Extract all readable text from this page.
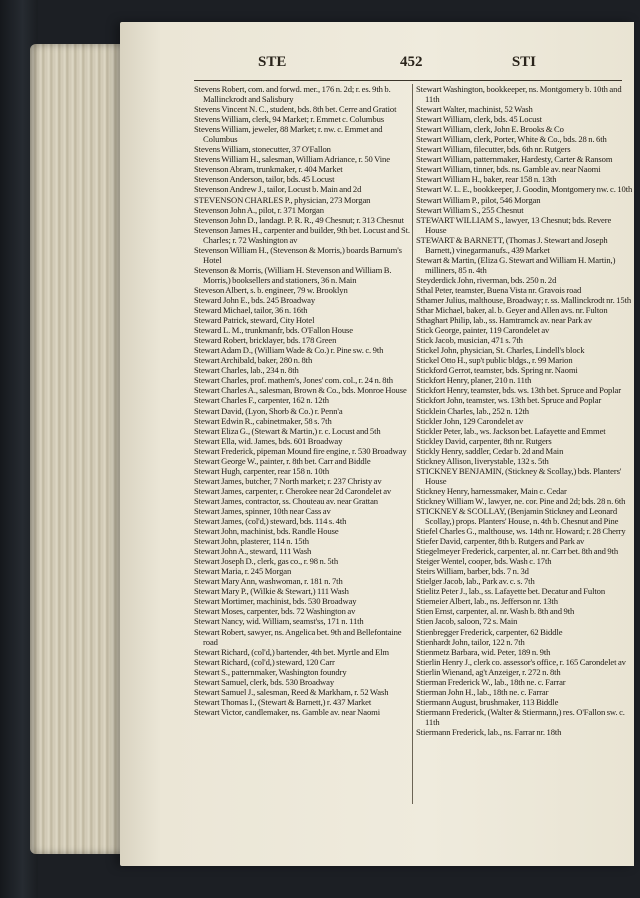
STE	452	STI
Stevens Robert, com. and forwd. mer., 176 n. 2d; r. es. 9th b. Mallinckrodt and Salisbury
Stevens Vincent N. C., student, bds. 8th bet. Cerre and Gratiot
Stevens William, clerk, 94 Market; r. Emmet c. Columbus
Stevens William, jeweler, 88 Market; r. nw. c. Emmet and Columbus
Stevens William, stonecutter, 37 O'Fallon
Stevens William H., salesman, William Adriance, r. 50 Vine
Stevenson Abram, trunkmaker, r. 404 Market
Stevenson Anderson, tailor, bds. 45 Locust
Stevenson Andrew J., tailor, Locust b. Main and 2d
STEVENSON CHARLES P., physician, 273 Morgan
Stevenson John A., pilot, r. 371 Morgan
Stevenson John D., landagt. P. R. R., 49 Chesnut; r. 313 Chesnut
Stevenson James H., carpenter and builder, 9th bet. Locust and St. Charles; r. 72 Washington av
Stevenson William H., (Stevenson & Morris,) boards Barnum's Hotel
Stevenson & Morris, (William H. Stevenson and William B. Morris,) booksellers and stationers, 36 n. Main
Steveson Albert, s. b. engineer, 79 w. Brooklyn
Steward John E., bds. 245 Broadway
Steward Michael, tailor, 36 n. 16th
Steward Patrick, steward, City Hotel
Steward L. M., trunkmanfr, bds. O'Fallon House
Steward Robert, bricklayer, bds. 178 Green
Stewart Adam D., (William Wade & Co.) r. Pine sw. c. 9th
Stewart Archibald, baker, 280 n. 8th
Stewart Charles, lab., 234 n. 8th
Stewart Charles, prof. mathem's, Jones' com. col., r. 24 n. 8th
Stewart Charles A., salesman, Brown & Co., bds. Monroe House
Stewart Charles F., carpenter, 162 n. 12th
Stewart David, (Lyon, Shorb & Co.) r. Penn'a
Stewart Edwin R., cabinetmaker, 58 s. 7th
Stewart Eliza G., (Stewart & Martin,) r. c. Locust and 5th
Stewart Ella, wid. James, bds. 601 Broadway
Stewart Frederick, pipeman Mound fire engine, r. 530 Broadway
Stewart George W., painter, r. 8th bet. Carr and Biddle
Stewart Hugh, carpenter, rear 158 n. 10th
Stewart James, butcher, 7 North market; r. 237 Christy av
Stewart James, carpenter, r. Cherokee near 2d Carondelet av
Stewart James, contractor, ss. Chouteau av. near Grattan
Stewart James, spinner, 10th near Cass av
Stewart James, (col'd,) steward, bds. 114 s. 4th
Stewart John, machinist, bds. Randle House
Stewart John, plasterer, 114 n. 15th
Stewart John A., steward, 111 Wash
Stewart Joseph D., clerk, gas co., r. 98 n. 5th
Stewart Maria, r. 245 Morgan
Stewart Mary Ann, washwoman, r. 181 n. 7th
Stewart Mary P., (Wilkie & Stewart,) 111 Wash
Stewart Mortimer, machinist, bds. 530 Broadway
Stewart Moses, carpenter, bds. 72 Washington av
Stewart Nancy, wid. William, seamst'ss, 171 n. 11th
Stewart Robert, sawyer, ns. Angelica bet. 9th and Bellefontaine road
Stewart Richard, (col'd,) bartender, 4th bet. Myrtle and Elm
Stewart Richard, (col'd,) steward, 120 Carr
Stewart S., patternmaker, Washington foundry
Stewart Samuel, clerk, bds. 530 Broadway
Stewart Samuel J., salesman, Reed & Markham, r. 52 Wash
Stewart Thomas I., (Stewart & Barnett,) r. 437 Market
Stewart Victor, candlemaker, ns. Gamble av. near Naomi
Stewart Washington, bookkeeper, ns. Montgomery b. 10th and 11th
Stewart Walter, machinist, 52 Wash
Stewart William, clerk, bds. 45 Locust
Stewart William, clerk, John E. Brooks & Co
Stewart William, clerk, Porter, White & Co., bds. 28 n. 6th
Stewart William, filecutter, bds. 6th nr. Rutgers
Stewart William, patternmaker, Hardesty, Carter & Ransom
Stewart William, tinner, bds. ns. Gamble av. near Naomi
Stewart William H., baker, rear 158 n. 13th
Stewart W. L. E., bookkeeper, J. Goodin, Montgomery nw. c. 10th
Stewart William P., pilot, 546 Morgan
Stewart William S., 255 Chesnut
STEWART WILLIAM S., lawyer, 13 Chesnut; bds. Revere House
STEWART & BARNETT, (Thomas J. Stewart and Joseph Barnett,) vinegarmanufs., 439 Market
Stewart & Martin, (Eliza G. Stewart and William H. Martin,) milliners, 85 n. 4th
Steyderdick John, riverman, bds. 250 n. 2d
Sthal Peter, teamster, Buena Vista nr. Gravois road
Sthamer Julius, malthouse, Broadway; r. ss. Mallinckrodt nr. 15th
Sthar Michael, baker, al. b. Geyer and Allen avs. nr. Fulton
Sthaghart Philip, lab., ss. Hamtramck av. near Park av
Stick George, painter, 119 Carondelet av
Stick Jacob, musician, 471 s. 7th
Stickel John, physician, St. Charles, Lindell's block
Stickel Otto H., sup't public bldgs., r. 99 Marion
Stickford Gerrot, teamster, bds. Spring nr. Naomi
Stickfort Henry, planer, 210 n. 11th
Stickfort Henry, teamster, bds. ws. 13th bet. Spruce and Poplar
Stickfort John, teamster, ws. 13th bet. Spruce and Poplar
Sticklein Charles, lab., 252 n. 12th
Stickler John, 129 Carondelet av
Stickler Peter, lab., ws. Jackson bet. Lafayette and Emmet
Stickley David, carpenter, 8th nr. Rutgers
Stickly Henry, saddler, Cedar b. 2d and Main
Stickney Allison, liverystable, 132 s. 5th
STICKNEY BENJAMIN, (Stickney & Scollay,) bds. Planters' House
Stickney Henry, harnessmaker, Main c. Cedar
Stickney William W., lawyer, ne. cor. Pine and 2d; bds. 28 n. 6th
STICKNEY & SCOLLAY, (Benjamin Stickney and Leonard Scollay,) props. Planters' House, n. 4th b. Chesnut and Pine
Stiefel Charles G., malthouse, ws. 14th nr. Howard; r. 28 Cherry
Stiefer David, carpenter, 8th b. Rutgers and Park av
Stiegelmeyer Frederick, carpenter, al. nr. Carr bet. 8th and 9th
Steiger Wentel, cooper, bds. Wash c. 17th
Steirs William, barber, bds. 7 n. 3d
Stielger Jacob, lab., Park av. c. s. 7th
Stielitz Peter J., lab., ss. Lafayette bet. Decatur and Fulton
Stiemeier Albert, lab., ns. Jefferson nr. 13th
Stien Ernst, carpenter, al. nr. Wash b. 8th and 9th
Stien Jacob, saloon, 72 s. Main
Stienbregger Frederick, carpenter, 62 Biddle
Stienhardt John, tailor, 122 n. 7th
Stienmetz Barbara, wid. Peter, 189 n. 9th
Stierlin Henry J., clerk co. assessor's office, r. 165 Carondelet av
Stierlin Wienand, ag't Anzeiger, r. 272 n. 8th
Stierman Frederick W., lab., 18th ne. c. Farrar
Stierman John H., lab., 18th ne. c. Farrar
Stiermann August, brushmaker, 113 Biddle
Stiermann Frederick, (Walter & Stiermann,) res. O'Fallon sw. c. 11th
Stiermann Frederick, lab., ns. Farrar nr. 18th
